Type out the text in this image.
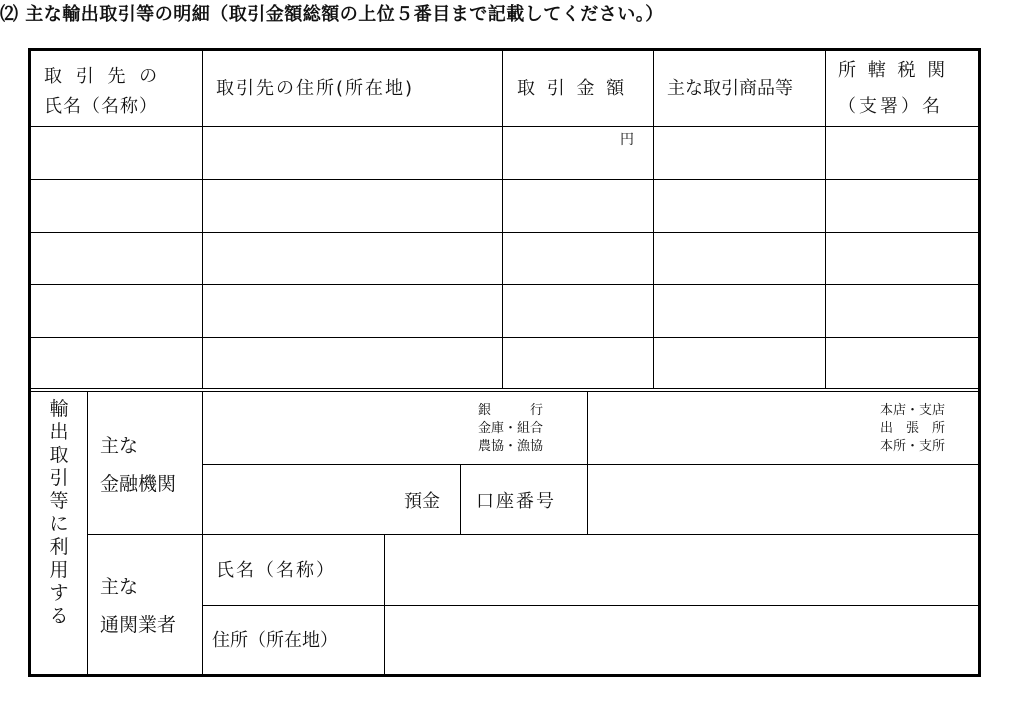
⑵ 主な輸出取引等の明細（取引金額総額の上位５番目まで記載してください。）
取 引 先 の
氏名（名称）
取引先の住所(所在地)	取 引 金 額 主な取引商品等
所 轄 税 関
（支署）名
円
輸
出
取
引
等
に
利
用
す
る
主な
金融機関
銀　　　行
金庫・組合
農協・漁協
本店・支店
出　張　所
本所・支所
預金 口座番号
主な
通関業者
氏名（名称）
住所（所在地）
